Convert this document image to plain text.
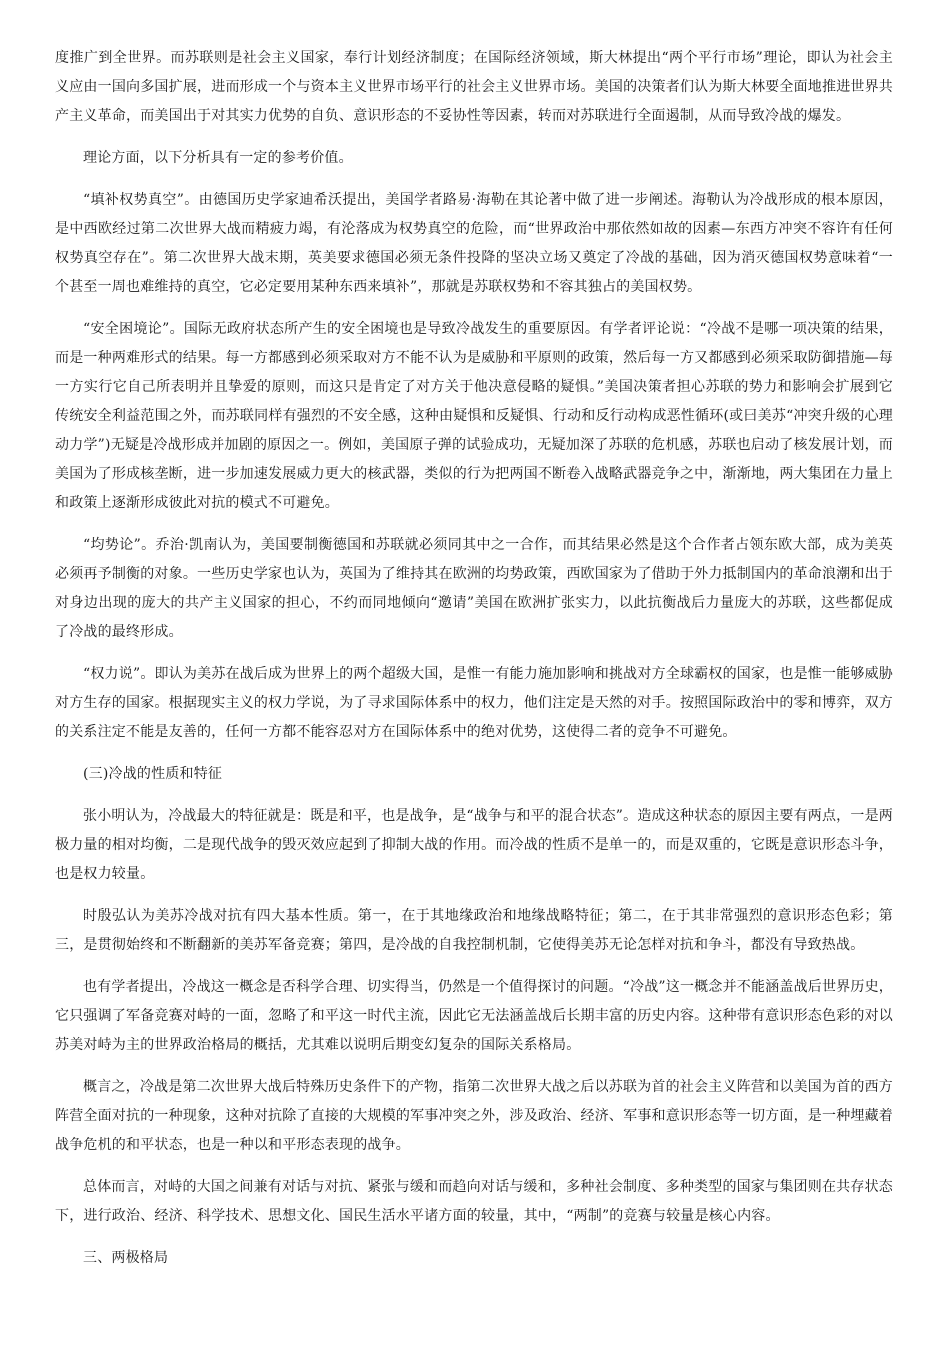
度推广到全世界。而苏联则是社会主义国家，奉行计划经济制度；在国际经济领域，斯大林提出“两个平行市场”理论，即认为社会主义应由一国向多国扩展，进而形成一个与资本主义世界市场平行的社会主义世界市场。美国的决策者们认为斯大林要全面地推进世界共产主义革命，而美国出于对其实力优势的自负、意识形态的不妥协性等因素，转而对苏联进行全面遏制，从而导致冷战的爆发。

理论方面，以下分析具有一定的参考价值。

“填补权势真空”。由德国历史学家迪希沃提出，美国学者路易·海勒在其论著中做了进一步阐述。海勒认为冷战形成的根本原因，是中西欧经过第二次世界大战而精疲力竭，有沦落成为权势真空的危险，而“世界政治中那依然如故的因素—东西方冲突不容许有任何权势真空存在”。第二次世界大战末期，英美要求德国必须无条件投降的坚决立场又奠定了冷战的基础，因为消灭德国权势意味着“一个甚至一周也难维持的真空，它必定要用某种东西来填补”，那就是苏联权势和不容其独占的美国权势。

“安全困境论”。国际无政府状态所产生的安全困境也是导致冷战发生的重要原因。有学者评论说：“冷战不是哪一项决策的结果，而是一种两难形式的结果。每一方都感到必须采取对方不能不认为是威胁和平原则的政策，然后每一方又都感到必须采取防御措施—每一方实行它自己所表明并且挚爱的原则，而这只是肯定了对方关于他决意侵略的疑惧。”美国决策者担心苏联的势力和影响会扩展到它传统安全利益范围之外，而苏联同样有强烈的不安全感，这种由疑惧和反疑惧、行动和反行动构成恶性循环(或曰美苏“冲突升级的心理动力学”)无疑是冷战形成并加剧的原因之一。例如，美国原子弹的试验成功，无疑加深了苏联的危机感，苏联也启动了核发展计划，而美国为了形成核垄断，进一步加速发展威力更大的核武器，类似的行为把两国不断卷入战略武器竞争之中，渐渐地，两大集团在力量上和政策上逐渐形成彼此对抗的模式不可避免。

“均势论”。乔治·凯南认为，美国要制衡德国和苏联就必须同其中之一合作，而其结果必然是这个合作者占领东欧大部，成为美英必须再予制衡的对象。一些历史学家也认为，英国为了维持其在欧洲的均势政策，西欧国家为了借助于外力抵制国内的革命浪潮和出于对身边出现的庞大的共产主义国家的担心，不约而同地倾向“邀请”美国在欧洲扩张实力，以此抗衡战后力量庞大的苏联，这些都促成了冷战的最终形成。

“权力说”。即认为美苏在战后成为世界上的两个超级大国，是惟一有能力施加影响和挑战对方全球霸权的国家，也是惟一能够威胁对方生存的国家。根据现实主义的权力学说，为了寻求国际体系中的权力，他们注定是天然的对手。按照国际政治中的零和博弈，双方的关系注定不能是友善的，任何一方都不能容忍对方在国际体系中的绝对优势，这使得二者的竞争不可避免。

(三)冷战的性质和特征

张小明认为，冷战最大的特征就是：既是和平，也是战争，是“战争与和平的混合状态”。造成这种状态的原因主要有两点，一是两极力量的相对均衡，二是现代战争的毁灭效应起到了抑制大战的作用。而冷战的性质不是单一的，而是双重的，它既是意识形态斗争，也是权力较量。

时殷弘认为美苏冷战对抗有四大基本性质。第一，在于其地缘政治和地缘战略特征；第二，在于其非常强烈的意识形态色彩；第三，是贯彻始终和不断翻新的美苏军备竞赛；第四，是冷战的自我控制机制，它使得美苏无论怎样对抗和争斗，都没有导致热战。

也有学者提出，冷战这一概念是否科学合理、切实得当，仍然是一个值得探讨的问题。“冷战”这一概念并不能涵盖战后世界历史，它只强调了军备竞赛对峙的一面，忽略了和平这一时代主流，因此它无法涵盖战后长期丰富的历史内容。这种带有意识形态色彩的对以苏美对峙为主的世界政治格局的概括，尤其难以说明后期变幻复杂的国际关系格局。

概言之，冷战是第二次世界大战后特殊历史条件下的产物，指第二次世界大战之后以苏联为首的社会主义阵营和以美国为首的西方阵营全面对抗的一种现象，这种对抗除了直接的大规模的军事冲突之外，涉及政治、经济、军事和意识形态等一切方面，是一种埋藏着战争危机的和平状态，也是一种以和平形态表现的战争。

总体而言，对峙的大国之间兼有对话与对抗、紧张与缓和而趋向对话与缓和，多种社会制度、多种类型的国家与集团则在共存状态下，进行政治、经济、科学技术、思想文化、国民生活水平诸方面的较量，其中，“两制”的竞赛与较量是核心内容。

三、两极格局
